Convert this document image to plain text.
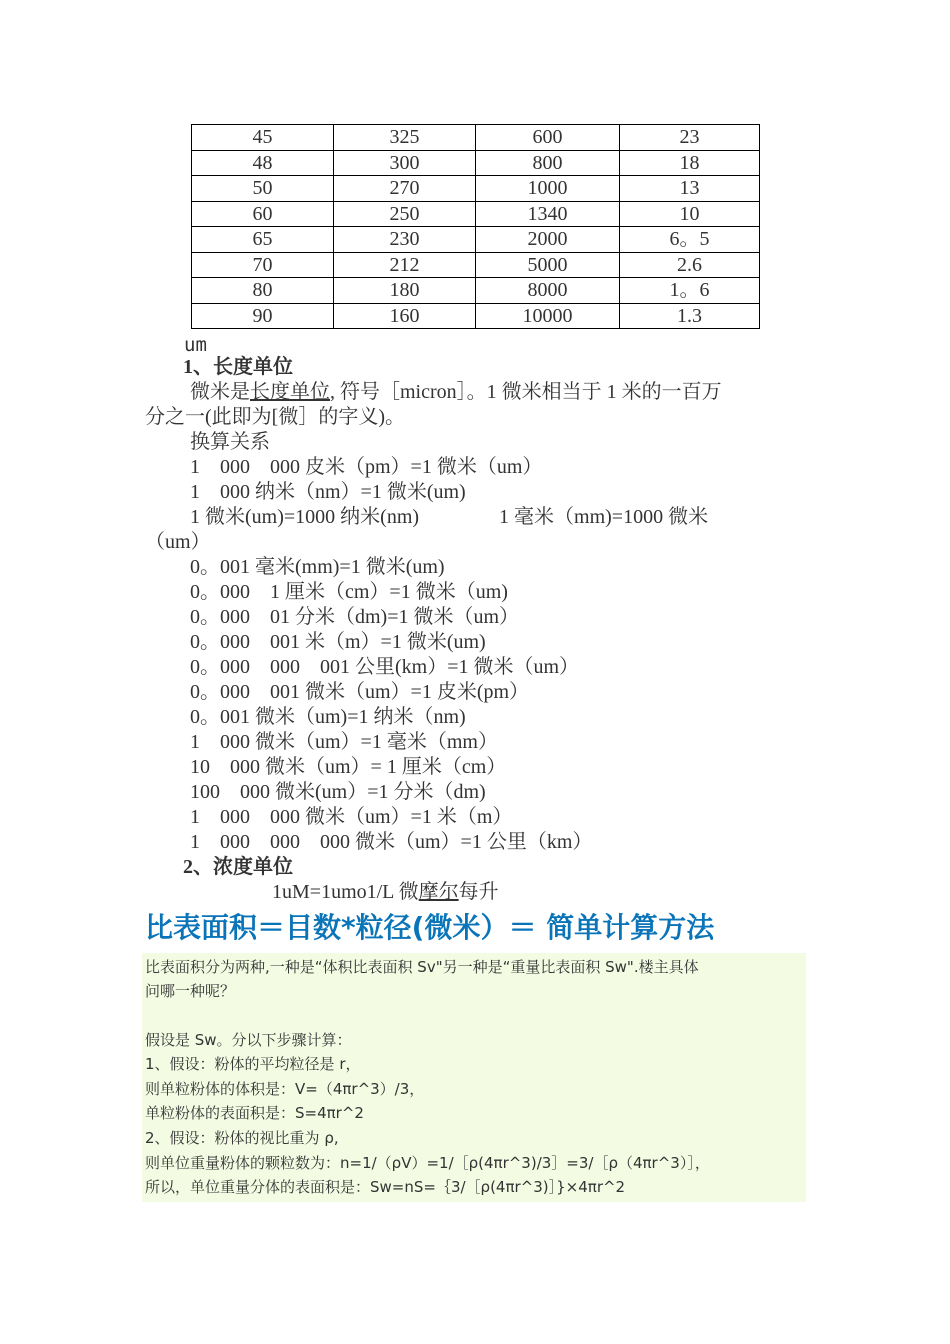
45	325	600	23
48	300	800	18
50	270	1000	13
60	250	1340	10
65	230	2000	6。5
70	212	5000	2.6
80	180	8000	1。6
90	160	10000	1.3
um
1、长度单位
微米是长度单位, 符号［micron］。1 微米相当于 1 米的一百万
分之一(此即为[微］的字义)。
换算关系
1　000　000 皮米（pm）=1 微米（um）
1　000 纳米（nm）=1 微米(um)
1 微米(um)=1000 纳米(nm)　　　　1 毫米（mm)=1000 微米
（um）
0。001 毫米(mm)=1 微米(um)
0。000　1 厘米（cm）=1 微米（um)
0。000　01 分米（dm)=1 微米（um）
0。000　001 米（m）=1 微米(um)
0。000　000　001 公里(km）=1 微米（um）
0。000　001 微米（um）=1 皮米(pm）
0。001 微米（um)=1 纳米（nm)
1　000 微米（um）=1 毫米（mm）
10　000 微米（um）= 1 厘米（cm）
100　000 微米(um）=1 分米（dm)
1　000　000 微米（um）=1 米（m）
1　000　000　000 微米（um）=1 公里（km）
2、浓度单位
1uM=1umo1/L 微摩尔每升
比表面积＝目数*粒径(微米）＝ 简单计算方法
比表面积分为两种,一种是“体积比表面积 Sv"另一种是“重量比表面积 Sw".楼主具体
问哪一种呢？
假设是 Sw。分以下步骤计算：
1、假设：粉体的平均粒径是 r，
则单粒粉体的体积是：V=（4πr^3）/3，
单粒粉体的表面积是：S=4πr^2
2、假设：粉体的视比重为 ρ,
则单位重量粉体的颗粒数为：n=1/（ρV）=1/［ρ(4πr^3)/3］=3/［ρ（4πr^3）］，
所以，单位重量分体的表面积是：Sw=nS=｛3/［ρ(4πr^3)］}×4πr^2
